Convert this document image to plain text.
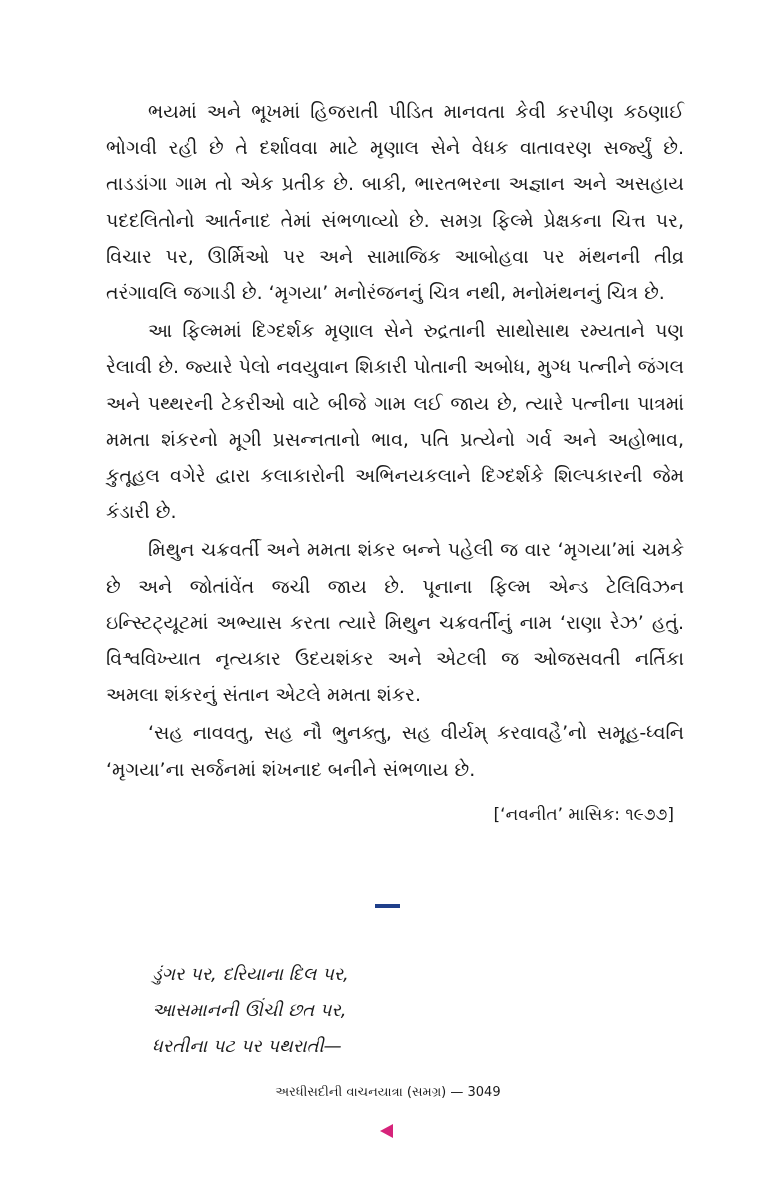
ભયમાં અને ભૂખમાં હિજરાતી પીડિત માનવતા કેવી કરપીણ કઠણાઈ ભોગવી રહી છે તે દર્શાવવા માટે મૃણાલ સેને વેધક વાતાવરણ સર્જ્યું છે. તાડડાંગા ગામ તો એક પ્રતીક છે. બાકી, ભારતભરના અજ્ઞાન અને અસહાય પદદલિતોનો આર્તનાદ તેમાં સંભળાવ્યો છે. સમગ્ર ફિલ્મે પ્રેક્ષકના ચિત્ત પર, વિચાર પર, ઊર્મિઓ પર અને સામાજિક આબોહવા પર મંથનની તીવ્ર તરંગાવલિ જગાડી છે. ‘મૃગયા’ મનોરંજનનું ચિત્ર નથી, મનોમંથનનું ચિત્ર છે.

આ ફિલ્મમાં દિગ્દર્શક મૃણાલ સેને રુદ્રતાની સાથોસાથ રમ્યતાને પણ રેલાવી છે. જ્યારે પેલો નવયુવાન શિકારી પોતાની અબોધ, મુગ્ધ પત્નીને જંગલ અને પથ્થરની ટેકરીઓ વાટે બીજે ગામ લઈ જાય છે, ત્યારે પત્નીના પાત્રમાં મમતા શંકરનો મૂગી પ્રસન્નતાનો ભાવ, પતિ પ્રત્યેનો ગર્વ અને અહોભાવ, કુતૂહલ વગેરે દ્વારા કલાકારોની અભિનયકલાને દિગ્દર્શકે શિલ્પકારની જેમ કંડારી છે.

મિથુન ચક્રવર્તી અને મમતા શંકર બન્ને પહેલી જ વાર ‘મૃગયા’માં ચમકે છે અને જોતાંવેંત જચી જાય છે. પૂનાના ફિલ્મ એન્ડ ટેલિવિઝન ઇન્સ્ટિટ્યૂટમાં અભ્યાસ કરતા ત્યારે મિથુન ચક્રવર્તીનું નામ ‘રાણા રેઝ’ હતું. વિશ્વવિખ્યાત નૃત્યકાર ઉદયશંકર અને એટલી જ ઓજસવતી નર્તિકા અમલા શંકરનું સંતાન એટલે મમતા શંકર.

‘સહ નાવવતુ, સહ નૌ ભુનક્તુ, સહ વીર્યમ્ કરવાવહૈ’નો સમૂહ-ધ્વનિ ‘મૃગયા’ના સર્જનમાં શંખનાદ બનીને સંભળાય છે.

[‘નવનીત’ માસિક: ૧૯૭૭]
ડુંગર પર, દરિયાના દિલ પર,
આસમાનની ઊંચી છત પર,
ધરતીના પટ પર પથરાતી—
અરધીસદીની વાચનયાત્રા (સમગ્ર) — 3049
